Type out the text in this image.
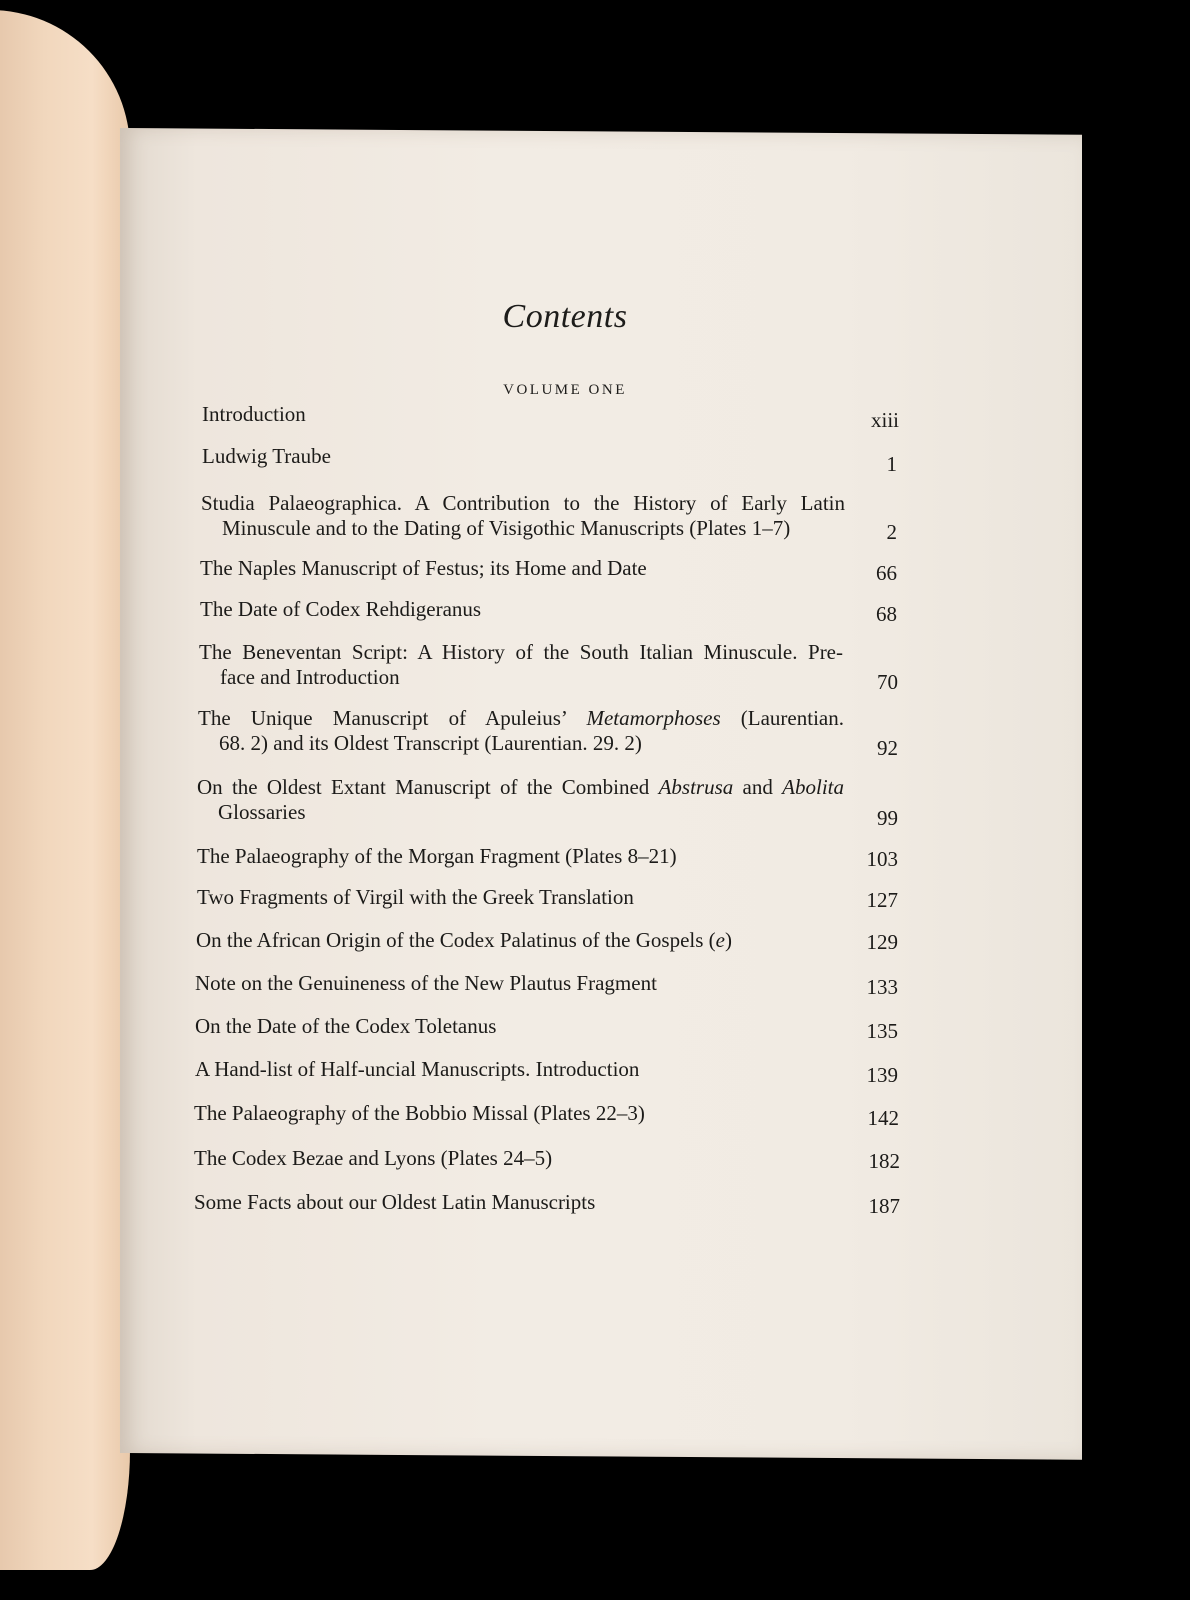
Contents
VOLUME ONE
Introduction	xiii
Ludwig Traube	1
Studia Palaeographica. A Contribution to the History of Early Latin
Minuscule and to the Dating of Visigothic Manuscripts (Plates 1–7)	2
The Naples Manuscript of Festus; its Home and Date	66
The Date of Codex Rehdigeranus	68
The Beneventan Script: A History of the South Italian Minuscule. Pre-
face and Introduction	70
The Unique Manuscript of Apuleius’ Metamorphoses (Laurentian.
68. 2) and its Oldest Transcript (Laurentian. 29. 2)	92
On the Oldest Extant Manuscript of the Combined Abstrusa and Abolita
Glossaries	99
The Palaeography of the Morgan Fragment (Plates 8–21)	103
Two Fragments of Virgil with the Greek Translation	127
On the African Origin of the Codex Palatinus of the Gospels (e)	129
Note on the Genuineness of the New Plautus Fragment	133
On the Date of the Codex Toletanus	135
A Hand-list of Half-uncial Manuscripts. Introduction	139
The Palaeography of the Bobbio Missal (Plates 22–3)	142
The Codex Bezae and Lyons (Plates 24–5)	182
Some Facts about our Oldest Latin Manuscripts	187
